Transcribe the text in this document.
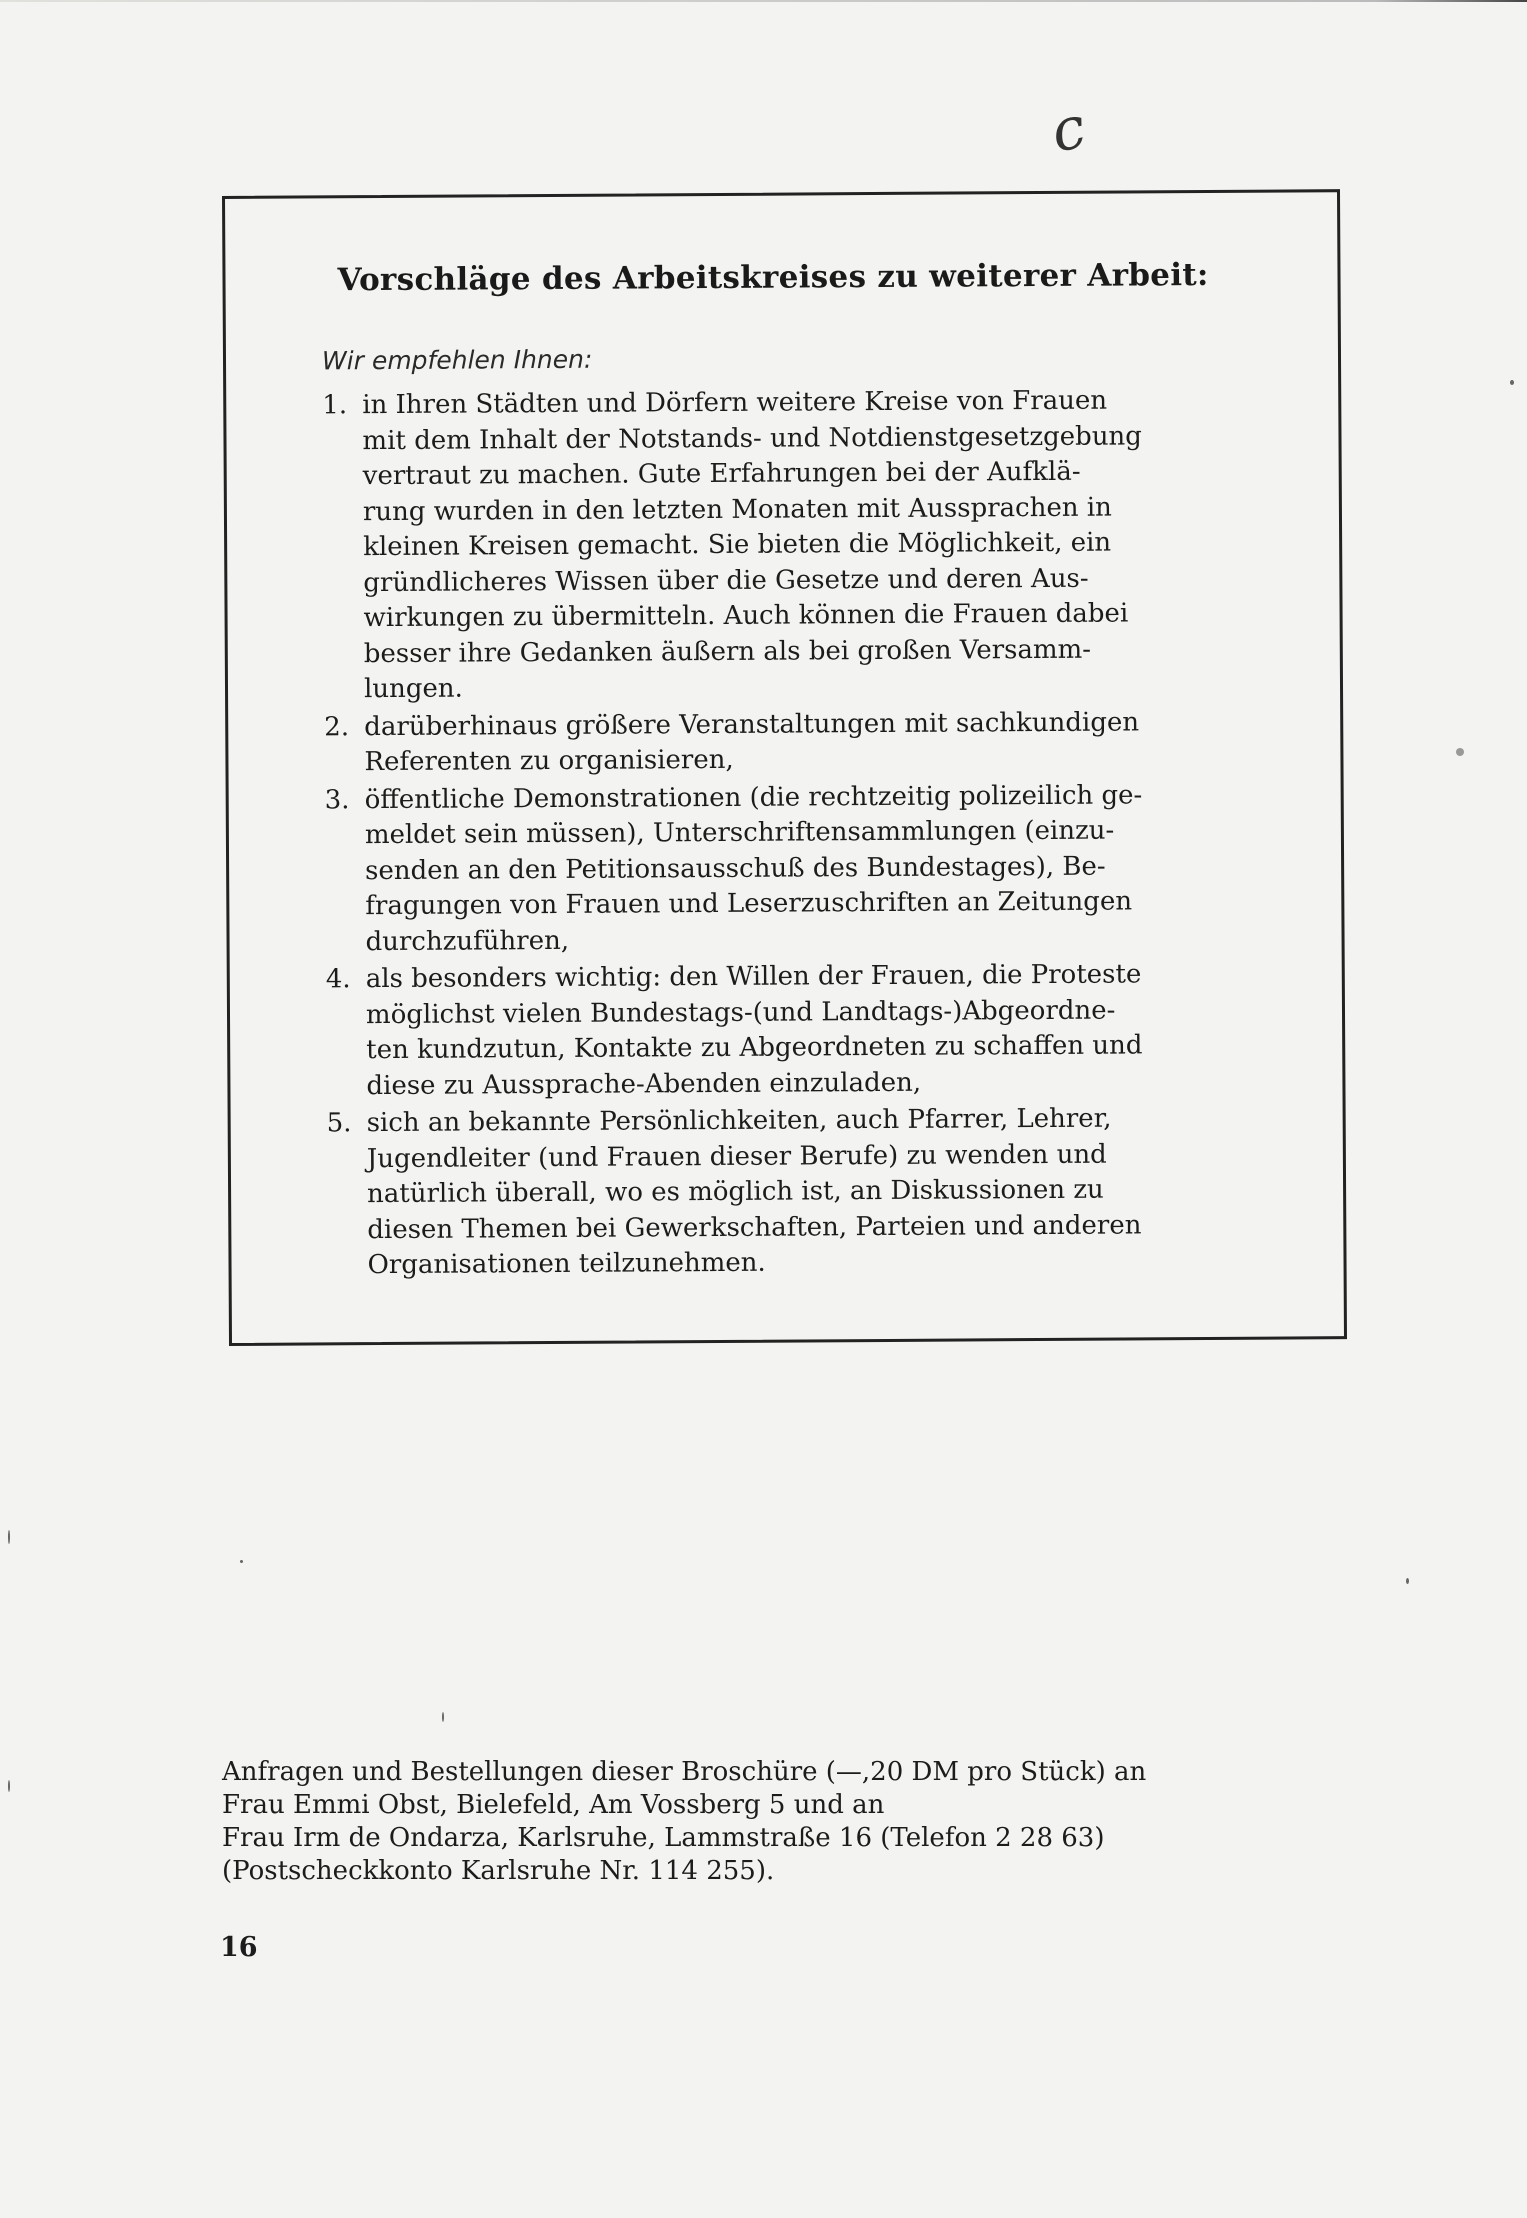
c
Vorschläge des Arbeitskreises zu weiterer Arbeit:
Wir empfehlen Ihnen:
1. in Ihren Städten und Dörfern weitere Kreise von Frauen
mit dem Inhalt der Notstands- und Notdienstgesetzgebung
vertraut zu machen. Gute Erfahrungen bei der Aufklä-
rung wurden in den letzten Monaten mit Aussprachen in
kleinen Kreisen gemacht. Sie bieten die Möglichkeit, ein
gründlicheres Wissen über die Gesetze und deren Aus-
wirkungen zu übermitteln. Auch können die Frauen dabei
besser ihre Gedanken äußern als bei großen Versamm-
lungen.
2. darüberhinaus größere Veranstaltungen mit sachkundigen
Referenten zu organisieren,
3. öffentliche Demonstrationen (die rechtzeitig polizeilich ge-
meldet sein müssen), Unterschriftensammlungen (einzu-
senden an den Petitionsausschuß des Bundestages), Be-
fragungen von Frauen und Leserzuschriften an Zeitungen
durchzuführen,
4. als besonders wichtig: den Willen der Frauen, die Proteste
möglichst vielen Bundestags-(und Landtags-)Abgeordne-
ten kundzutun, Kontakte zu Abgeordneten zu schaffen und
diese zu Aussprache-Abenden einzuladen,
5. sich an bekannte Persönlichkeiten, auch Pfarrer, Lehrer,
Jugendleiter (und Frauen dieser Berufe) zu wenden und
natürlich überall, wo es möglich ist, an Diskussionen zu
diesen Themen bei Gewerkschaften, Parteien und anderen
Organisationen teilzunehmen.
Anfragen und Bestellungen dieser Broschüre (—,20 DM pro Stück) an
Frau Emmi Obst, Bielefeld, Am Vossberg 5 und an
Frau Irm de Ondarza, Karlsruhe, Lammstraße 16 (Telefon 2 28 63)
(Postscheckkonto Karlsruhe Nr. 114 255).
16
